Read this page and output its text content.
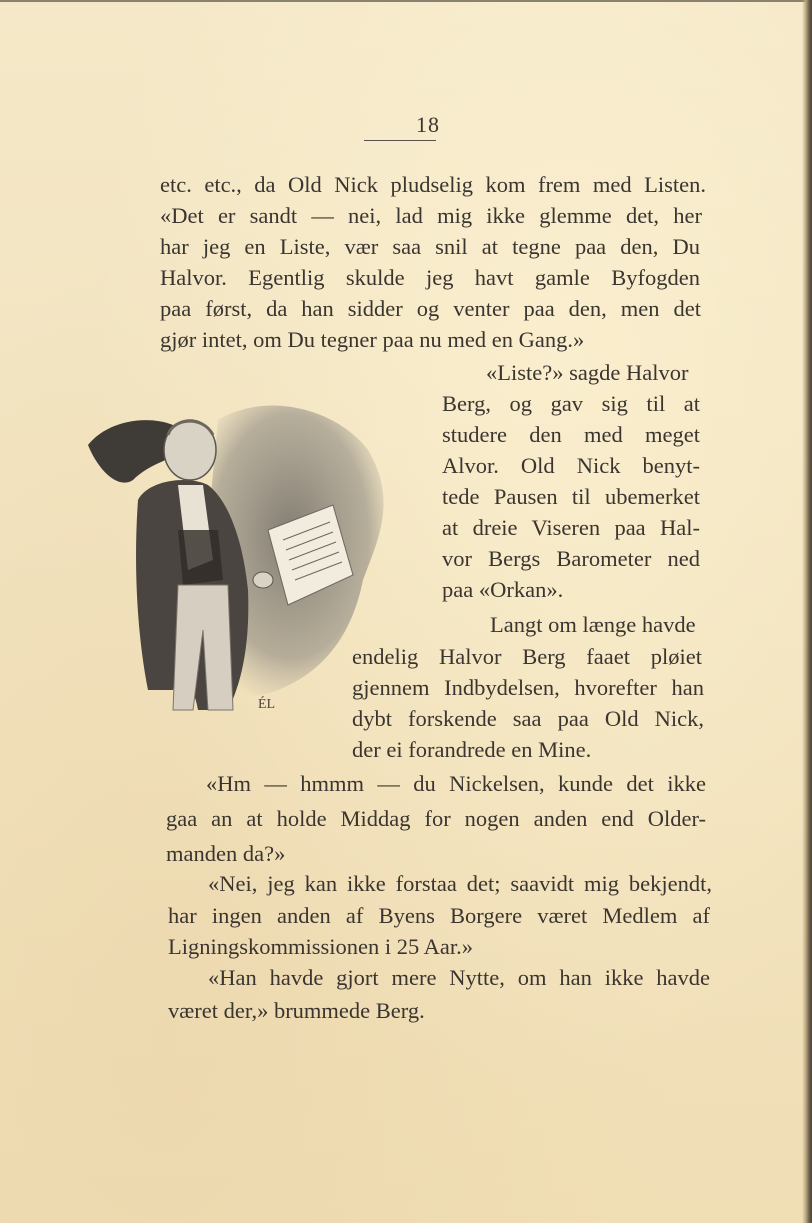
18
etc. etc., da Old Nick pludselig kom frem med Listen.
«Det er sandt — nei, lad mig ikke glemme det, her
har jeg en Liste, vær saa snil at tegne paa den, Du
Halvor. Egentlig skulde jeg havt gamle Byfogden
paa først, da han sidder og venter paa den, men det
gjør intet, om Du tegner paa nu med en Gang.»
ÉL
«Liste?» sagde Halvor
Berg, og gav sig til at
studere den med meget
Alvor. Old Nick benyt-
tede Pausen til ubemerket
at dreie Viseren paa Hal-
vor Bergs Barometer ned
paa «Orkan».
Langt om længe havde
endelig Halvor Berg faaet pløiet
gjennem Indbydelsen, hvorefter han
dybt forskende saa paa Old Nick,
der ei forandrede en Mine.
«Hm — hmmm — du Nickelsen, kunde det ikke
gaa an at holde Middag for nogen anden end Older-
manden da?»
«Nei, jeg kan ikke forstaa det; saavidt mig bekjendt,
har ingen anden af Byens Borgere været Medlem af
Ligningskommissionen i 25 Aar.»
«Han havde gjort mere Nytte, om han ikke havde
været der,» brummede Berg.
